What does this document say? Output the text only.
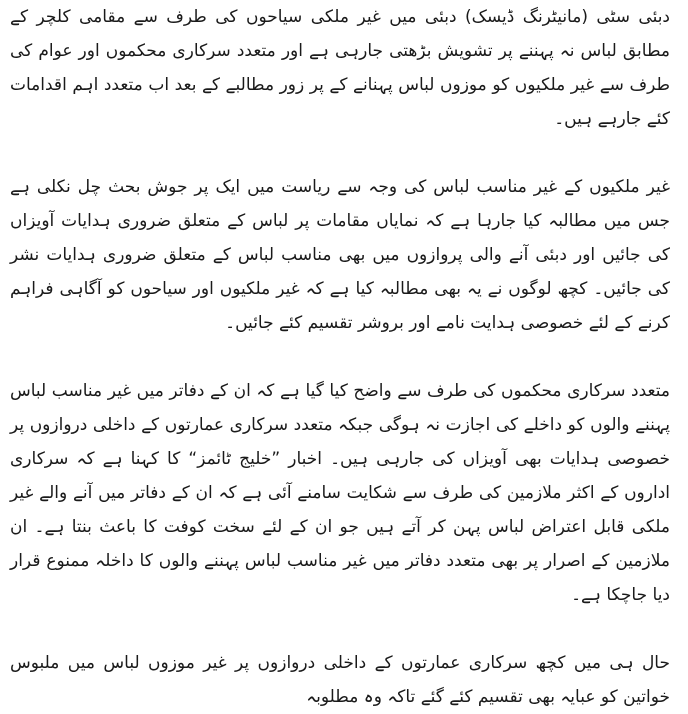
دبئی سٹی (مانیٹرنگ ڈیسک) دبئی میں غیر ملکی سیاحوں کی طرف سے مقامی کلچر کے مطابق لباس نہ پہننے پر تشویش بڑھتی جارہی ہے اور متعدد سرکاری محکموں اور عوام کی طرف سے غیر ملکیوں کو موزوں لباس پہنانے کے پر زور مطالبے کے بعد اب متعدد اہم اقدامات کئے جارہے ہیں۔

غیر ملکیوں کے غیر مناسب لباس کی وجہ سے ریاست میں ایک پر جوش بحث چل نکلی ہے جس میں مطالبہ کیا جارہا ہے کہ نمایاں مقامات پر لباس کے متعلق ضروری ہدایات آویزاں کی جائیں اور دبئی آنے والی پروازوں میں بھی مناسب لباس کے متعلق ضروری ہدایات نشر کی جائیں۔ کچھ لوگوں نے یہ بھی مطالبہ کیا ہے کہ غیر ملکیوں اور سیاحوں کو آگاہی فراہم کرنے کے لئے خصوصی ہدایت نامے اور بروشر تقسیم کئے جائیں۔

متعدد سرکاری محکموں کی طرف سے واضح کیا گیا ہے کہ ان کے دفاتر میں غیر مناسب لباس پہننے والوں کو داخلے کی اجازت نہ ہوگی جبکہ متعدد سرکاری عمارتوں کے داخلی دروازوں پر خصوصی ہدایات بھی آویزاں کی جارہی ہیں۔ اخبار ”خلیج ٹائمز“ کا کہنا ہے کہ سرکاری اداروں کے اکثر ملازمین کی طرف سے شکایت سامنے آئی ہے کہ ان کے دفاتر میں آنے والے غیر ملکی قابل اعتراض لباس پہن کر آتے ہیں جو ان کے لئے سخت کوفت کا باعث بنتا ہے۔ ان ملازمین کے اصرار پر بھی متعدد دفاتر میں غیر مناسب لباس پہننے والوں کا داخلہ ممنوع قرار دیا جاچکا ہے۔

حال ہی میں کچھ سرکاری عمارتوں کے داخلی دروازوں پر غیر موزوں لباس میں ملبوس خواتین کو عبایہ بھی تقسیم کئے گئے تاکہ وہ مطلوبہ
